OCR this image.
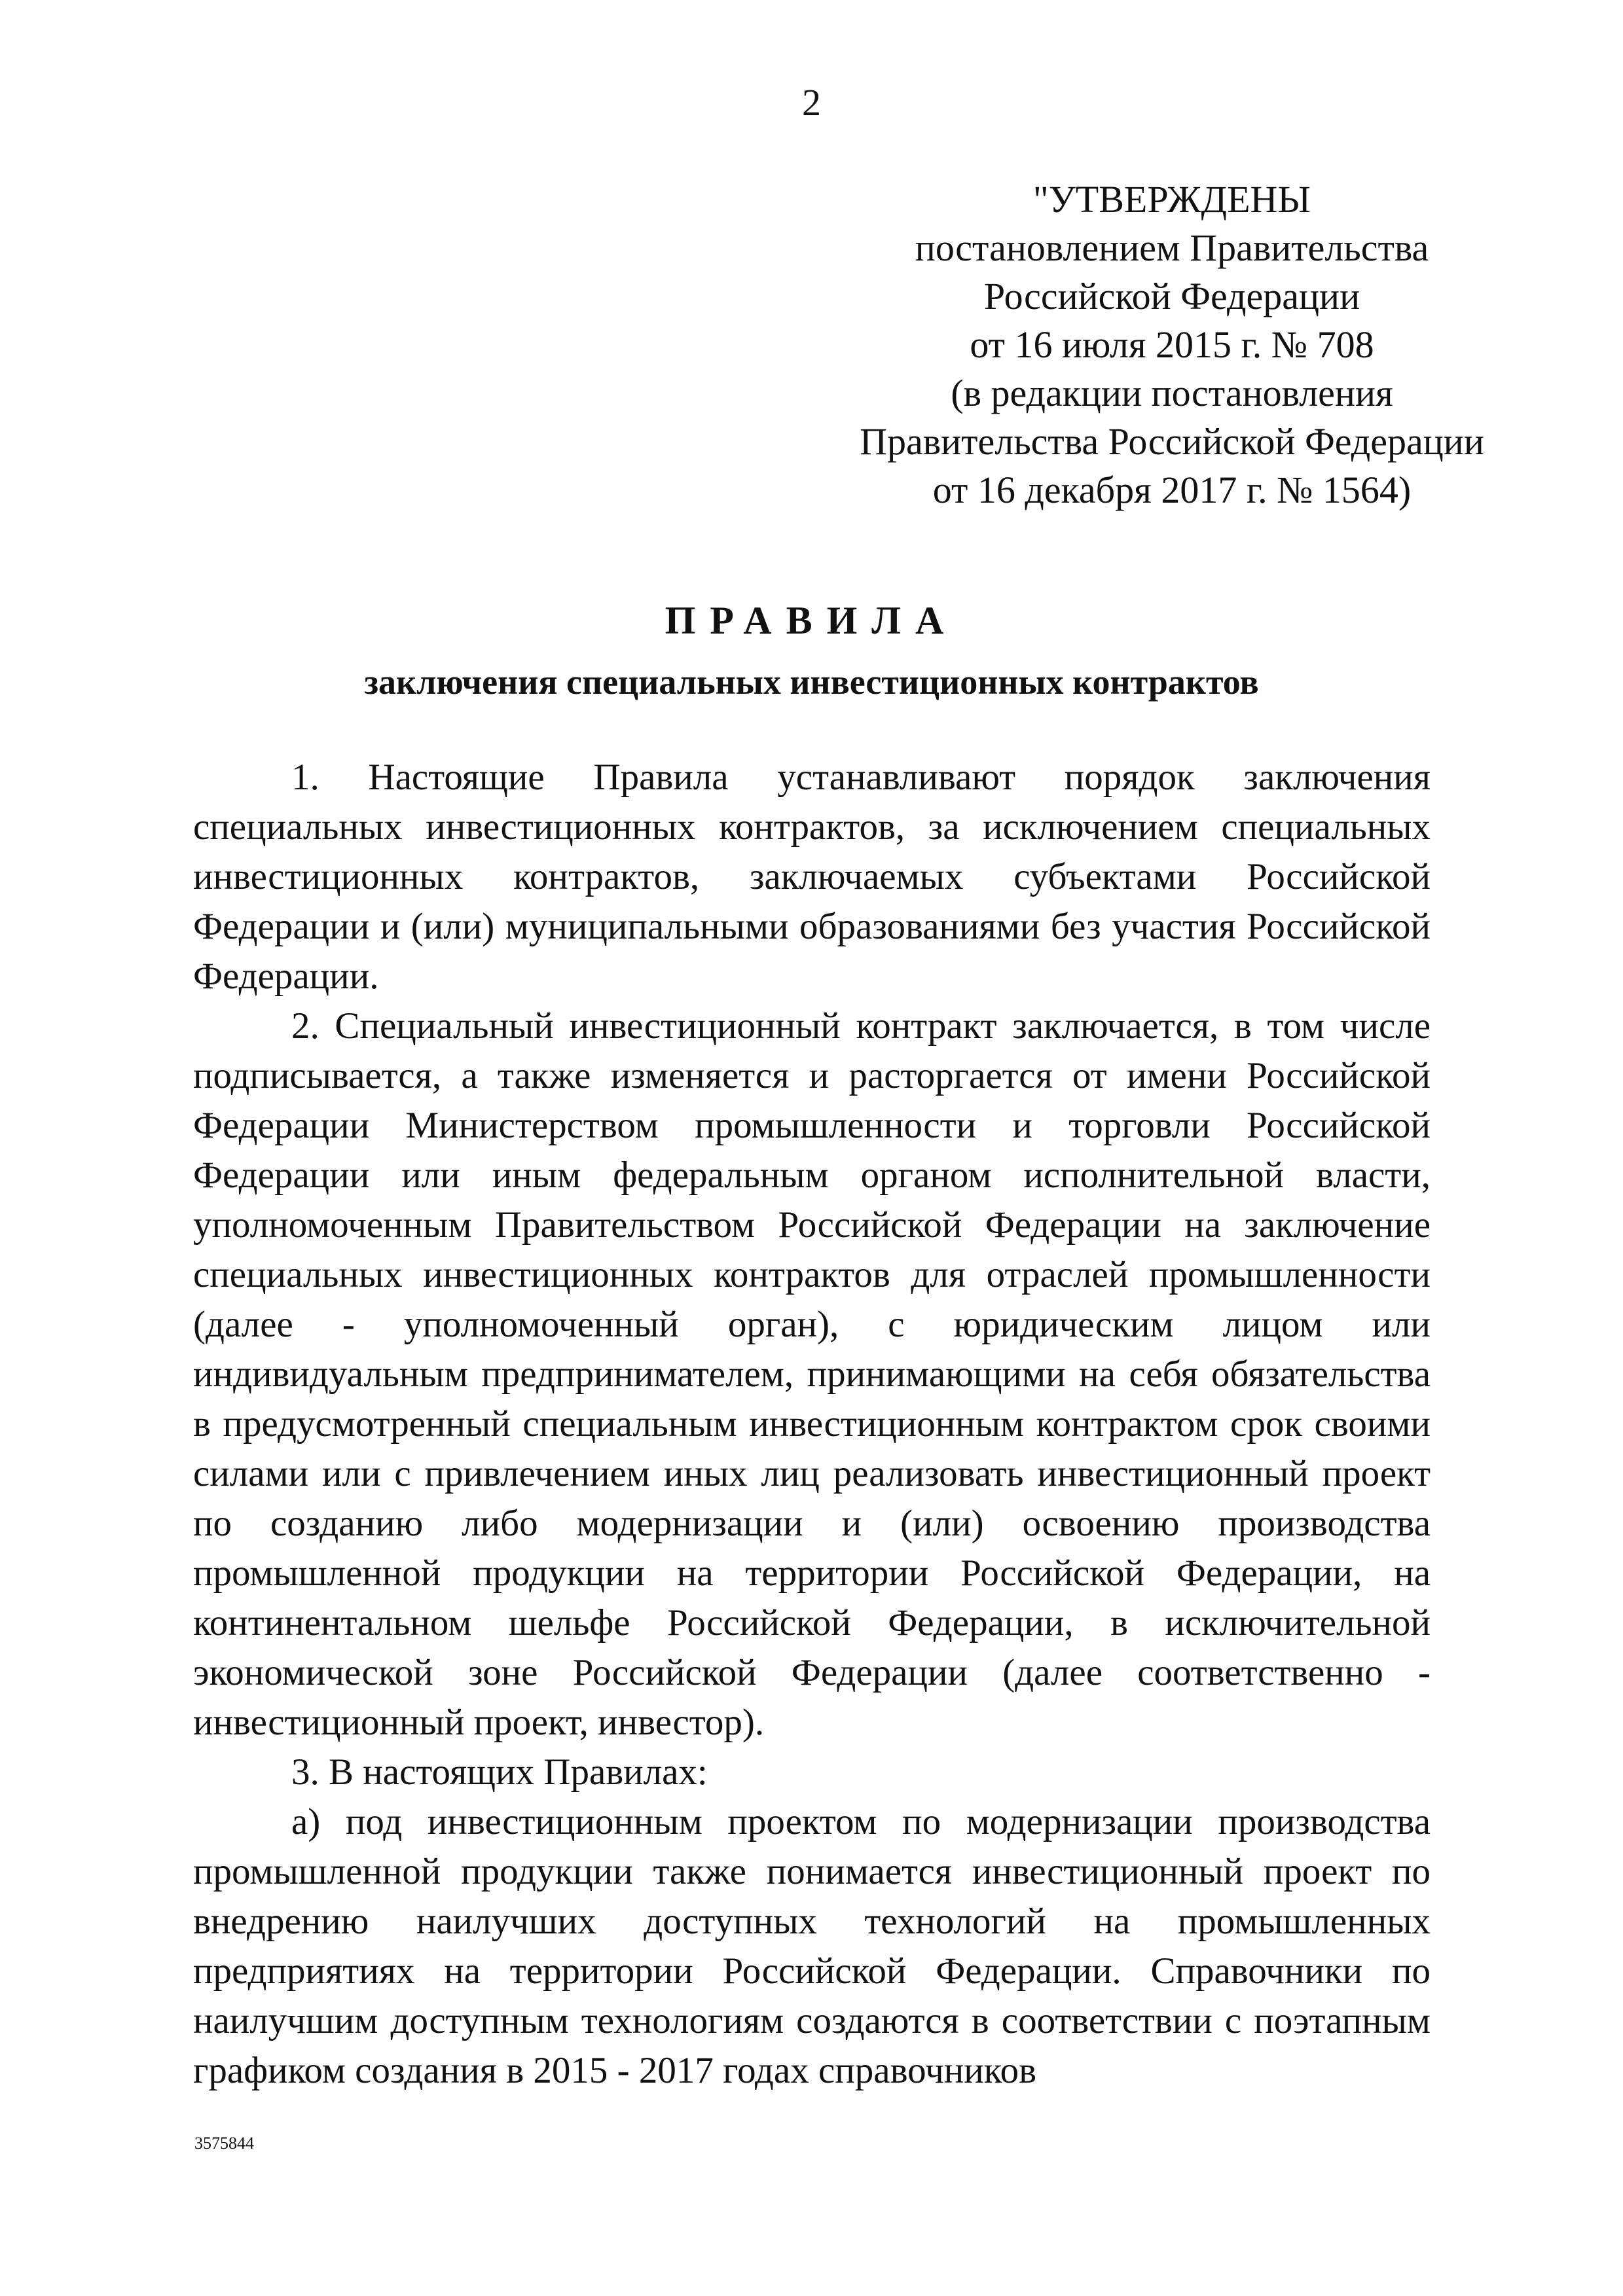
2
"УТВЕРЖДЕНЫ
постановлением Правительства
Российской Федерации
от 16 июля 2015 г. № 708
(в редакции постановления
Правительства Российской Федерации
от 16 декабря 2017 г. № 1564)
ПРАВИЛА
заключения специальных инвестиционных контрактов

1. Настоящие Правила устанавливают порядок заключения специальных инвестиционных контрактов, за исключением специальных инвестиционных контрактов, заключаемых субъектами Российской Федерации и (или) муниципальными образованиями без участия Российской Федерации.

2. Специальный инвестиционный контракт заключается, в том числе подписывается, а также изменяется и расторгается от имени Российской Федерации Министерством промышленности и торговли Российской Федерации или иным федеральным органом исполнительной власти, уполномоченным Правительством Российской Федерации на заключение специальных инвестиционных контрактов для отраслей промышленности (далее - уполномоченный орган), с юридическим лицом или индивидуальным предпринимателем, принимающими на себя обязательства в предусмотренный специальным инвестиционным контрактом срок своими силами или с привлечением иных лиц реализовать инвестиционный проект по созданию либо модернизации и (или) освоению производства промышленной продукции на территории Российской Федерации, на континентальном шельфе Российской Федерации, в исключительной экономической зоне Российской Федерации (далее соответственно - инвестиционный проект, инвестор).

3. В настоящих Правилах:

а) под инвестиционным проектом по модернизации производства промышленной продукции также понимается инвестиционный проект по внедрению наилучших доступных технологий на промышленных предприятиях на территории Российской Федерации. Справочники по наилучшим доступным технологиям создаются в соответствии с поэтапным графиком создания в 2015 - 2017 годах справочников

3575844
